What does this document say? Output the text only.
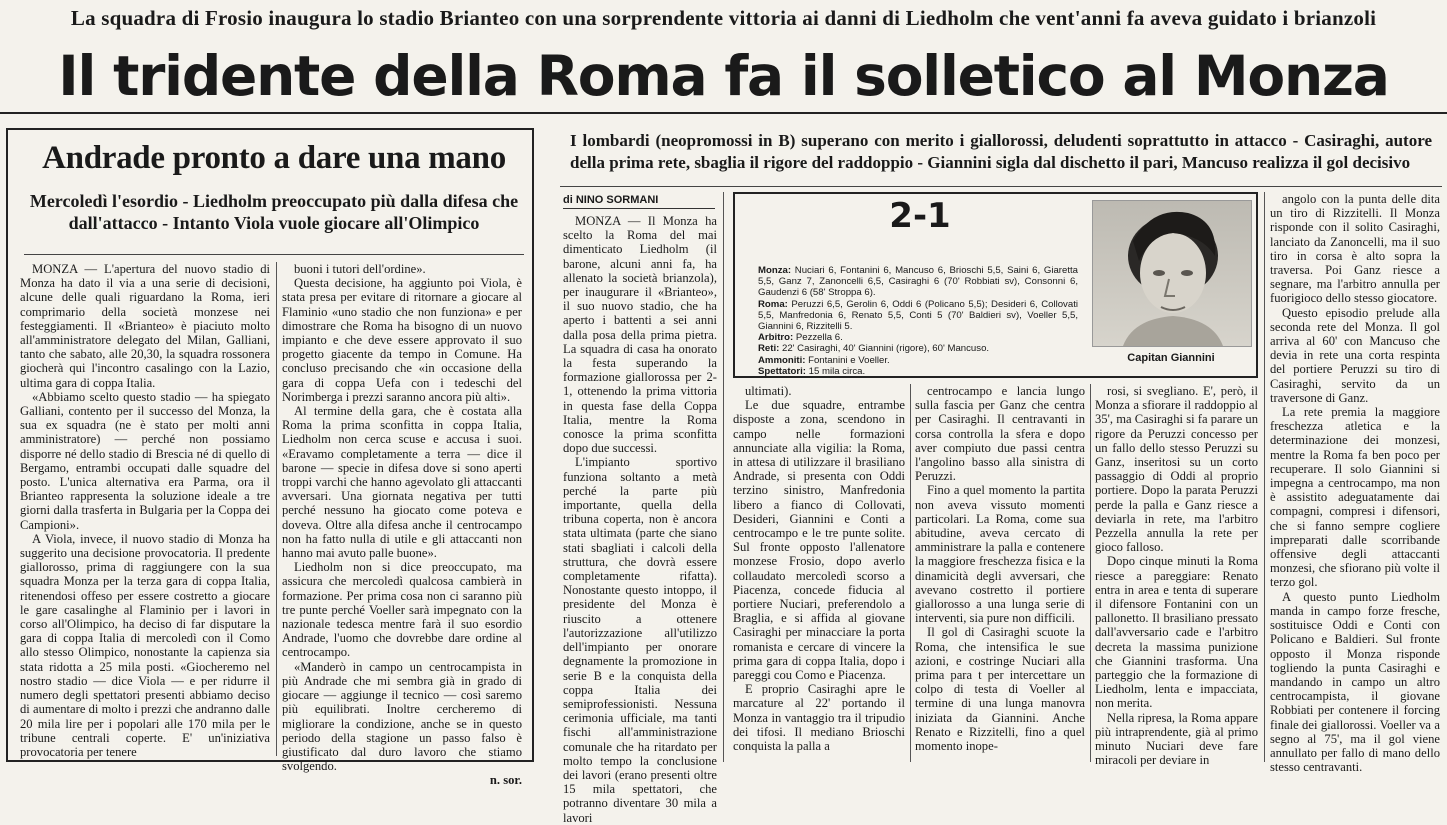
La squadra di Frosio inaugura lo stadio Brianteo con una sorprendente vittoria ai danni di Liedholm che vent'anni fa aveva guidato i brianzoli
Il tridente della Roma fa il solletico al Monza
Andrade pronto a dare una mano
Mercoledì l'esordio - Liedholm preoccupato più dalla difesa che dall'attacco - Intanto Viola vuole giocare all'Olimpico

MONZA — L'apertura del nuovo stadio di Monza ha dato il via a una serie di decisioni, alcune delle quali riguardano la Roma, ieri comprimario della società monzese nei festeggiamenti. Il «Brianteo» è piaciuto molto all'amministratore delegato del Milan, Galliani, tanto che sabato, alle 20,30, la squadra rossonera giocherà qui l'incontro casalingo con la Lazio, ultima gara di coppa Italia.

«Abbiamo scelto questo stadio — ha spiegato Galliani, contento per il successo del Monza, la sua ex squadra (ne è stato per molti anni amministratore) — perché non possiamo disporre né dello stadio di Brescia né di quello di Bergamo, entrambi occupati dalle squadre del posto. L'unica alternativa era Parma, ora il Brianteo rappresenta la soluzione ideale a tre giorni dalla trasferta in Bulgaria per la Coppa dei Campioni».

A Viola, invece, il nuovo stadio di Monza ha suggerito una decisione provocatoria. Il predente giallorosso, prima di raggiungere con la sua squadra Monza per la terza gara di coppa Italia, ritenendosi offeso per essere costretto a giocare le gare casalinghe al Flaminio per i lavori in corso all'Olimpico, ha deciso di far disputare la gara di coppa Italia di mercoledì con il Como allo stesso Olimpico, nonostante la capienza sia stata ridotta a 25 mila posti. «Giocheremo nel nostro stadio — dice Viola — e per ridurre il numero degli spettatori presenti abbiamo deciso di aumentare di molto i prezzi che andranno dalle 20 mila lire per i popolari alle 170 mila per le tribune centrali coperte. E' un'iniziativa provocatoria per tenere

buoni i tutori dell'ordine».

Questa decisione, ha aggiunto poi Viola, è stata presa per evitare di ritornare a giocare al Flaminio «uno stadio che non funziona» e per dimostrare che Roma ha bisogno di un nuovo impianto e che deve essere approvato il suo progetto giacente da tempo in Comune. Ha concluso precisando che «in occasione della gara di coppa Uefa con i tedeschi del Norimberga i prezzi saranno ancora più alti».

Al termine della gara, che è costata alla Roma la prima sconfitta in coppa Italia, Liedholm non cerca scuse e accusa i suoi. «Eravamo completamente a terra — dice il barone — specie in difesa dove si sono aperti troppi varchi che hanno agevolato gli attaccanti avversari. Una giornata negativa per tutti perché nessuno ha giocato come poteva e doveva. Oltre alla difesa anche il centrocampo non ha fatto nulla di utile e gli attaccanti non hanno mai avuto palle buone».

Liedholm non si dice preoccupato, ma assicura che mercoledì qualcosa cambierà in formazione. Per prima cosa non ci saranno più tre punte perché Voeller sarà impegnato con la nazionale tedesca mentre farà il suo esordio Andrade, l'uomo che dovrebbe dare ordine al centrocampo.

«Manderò in campo un centrocampista in più Andrade che mi sembra già in grado di giocare — aggiunge il tecnico — così saremo più equilibrati. Inoltre cercheremo di migliorare la condizione, anche se in questo periodo della stagione un passo falso è giustificato dal duro lavoro che stiamo svolgendo.

n. sor.
I lombardi (neopromossi in B) superano con merito i giallorossi, deludenti soprattutto in attacco - Casiraghi, autore della prima rete, sbaglia il rigore del raddoppio - Giannini sigla dal dischetto il pari, Mancuso realizza il gol decisivo
di NINO SORMANI

MONZA — Il Monza ha scelto la Roma del mai dimenticato Liedholm (il barone, alcuni anni fa, ha allenato la società brianzola), per inaugurare il «Brianteo», il suo nuovo stadio, che ha aperto i battenti a sei anni dalla posa della prima pietra. La squadra di casa ha onorato la festa superando la formazione giallorossa per 2-1, ottenendo la prima vittoria in questa fase della Coppa Italia, mentre la Roma conosce la prima sconfitta dopo due successi.

L'impianto sportivo funziona soltanto a metà perché la parte più importante, quella della tribuna coperta, non è ancora stata ultimata (parte che siano stati sbagliati i calcoli della struttura, che dovrà essere completamente rifatta). Nonostante questo intoppo, il presidente del Monza è riuscito a ottenere l'autorizzazione all'utilizzo dell'impianto per onorare degnamente la promozione in serie B e la conquista della coppa Italia dei semiprofessionisti. Nessuna cerimonia ufficiale, ma tanti fischi all'amministrazione comunale che ha ritardato per molto tempo la conclusione dei lavori (erano presenti oltre 15 mila spettatori, che potranno diventare 30 mila a lavori

2-1
Monza: Nuciari 6, Fontanini 6, Mancuso 6, Brioschi 5,5, Saini 6, Giaretta 5,5, Ganz 7, Zanoncelli 6,5, Casiraghi 6 (70' Robbiati sv), Consonni 6, Gaudenzi 6 (58' Stroppa 6).
Roma: Peruzzi 6,5, Gerolin 6, Oddi 6 (Policano 5,5); Desideri 6, Collovati 5,5, Manfredonia 6, Renato 5,5, Conti 5 (70' Baldieri sv), Voeller 5,5, Giannini 6, Rizzitelli 5.
Arbitro: Pezzella 6.
Reti: 22' Casiraghi, 40' Giannini (rigore), 60' Mancuso.
Ammoniti: Fontanini e Voeller.
Spettatori: 15 mila circa.
Capitan Giannini

ultimati).

Le due squadre, entrambe disposte a zona, scendono in campo nelle formazioni annunciate alla vigilia: la Roma, in attesa di utilizzare il brasiliano Andrade, si presenta con Oddi terzino sinistro, Manfredonia libero a fianco di Collovati, Desideri, Giannini e Conti a centrocampo e le tre punte solite. Sul fronte opposto l'allenatore monzese Frosio, dopo averlo collaudato mercoledì scorso a Piacenza, concede fiducia al portiere Nuciari, preferendolo a Braglia, e si affida al giovane Casiraghi per minacciare la porta romanista e cercare di vincere la prima gara di coppa Italia, dopo i pareggi cou Como e Piacenza.

E proprio Casiraghi apre le marcature al 22' portando il Monza in vantaggio tra il tripudio dei tifosi. Il mediano Brioschi conquista la palla a

centrocampo e lancia lungo sulla fascia per Ganz che centra per Casiraghi. Il centravanti in corsa controlla la sfera e dopo aver compiuto due passi centra l'angolino basso alla sinistra di Peruzzi.

Fino a quel momento la partita non aveva vissuto momenti particolari. La Roma, come sua abitudine, aveva cercato di amministrare la palla e contenere la maggiore freschezza fisica e la dinamicità degli avversari, che avevano costretto il portiere giallorosso a una lunga serie di interventi, sia pure non difficili.

Il gol di Casiraghi scuote la Roma, che intensifica le sue azioni, e costringe Nuciari alla prima para t per intercettare un colpo di testa di Voeller al termine di una lunga manovra iniziata da Giannini. Anche Renato e Rizzitelli, fino a quel momento inope-

rosi, si svegliano. E', però, il Monza a sfiorare il raddoppio al 35', ma Casiraghi si fa parare un rigore da Peruzzi concesso per un fallo dello stesso Peruzzi su Ganz, inseritosi su un corto passaggio di Oddi al proprio portiere. Dopo la parata Peruzzi perde la palla e Ganz riesce a deviarla in rete, ma l'arbitro Pezzella annulla la rete per gioco falloso.

Dopo cinque minuti la Roma riesce a pareggiare: Renato entra in area e tenta di superare il difensore Fontanini con un pallonetto. Il brasiliano pressato dall'avversario cade e l'arbitro decreta la massima punizione che Giannini trasforma. Una parteggio che la formazione di Liedholm, lenta e impacciata, non merita.

Nella ripresa, la Roma appare più intraprendente, già al primo minuto Nuciari deve fare miracoli per deviare in

angolo con la punta delle dita un tiro di Rizzitelli. Il Monza risponde con il solito Casiraghi, lanciato da Zanoncelli, ma il suo tiro in corsa è alto sopra la traversa. Poi Ganz riesce a segnare, ma l'arbitro annulla per fuorigioco dello stesso giocatore.

Questo episodio prelude alla seconda rete del Monza. Il gol arriva al 60' con Mancuso che devia in rete una corta respinta del portiere Peruzzi su tiro di Casiraghi, servito da un traversone di Ganz.

La rete premia la maggiore freschezza atletica e la determinazione dei monzesi, mentre la Roma fa ben poco per recuperare. Il solo Giannini si impegna a centrocampo, ma non è assistito adeguatamente dai compagni, compresi i difensori, che si fanno sempre cogliere impreparati dalle scorribande offensive degli attaccanti monzesi, che sfiorano più volte il terzo gol.

A questo punto Liedholm manda in campo forze fresche, sostituisce Oddi e Conti con Policano e Baldieri. Sul fronte opposto il Monza risponde togliendo la punta Casiraghi e mandando in campo un altro centrocampista, il giovane Robbiati per contenere il forcing finale dei giallorossi. Voeller va a segno al 75', ma il gol viene annullato per fallo di mano dello stesso centravanti.
